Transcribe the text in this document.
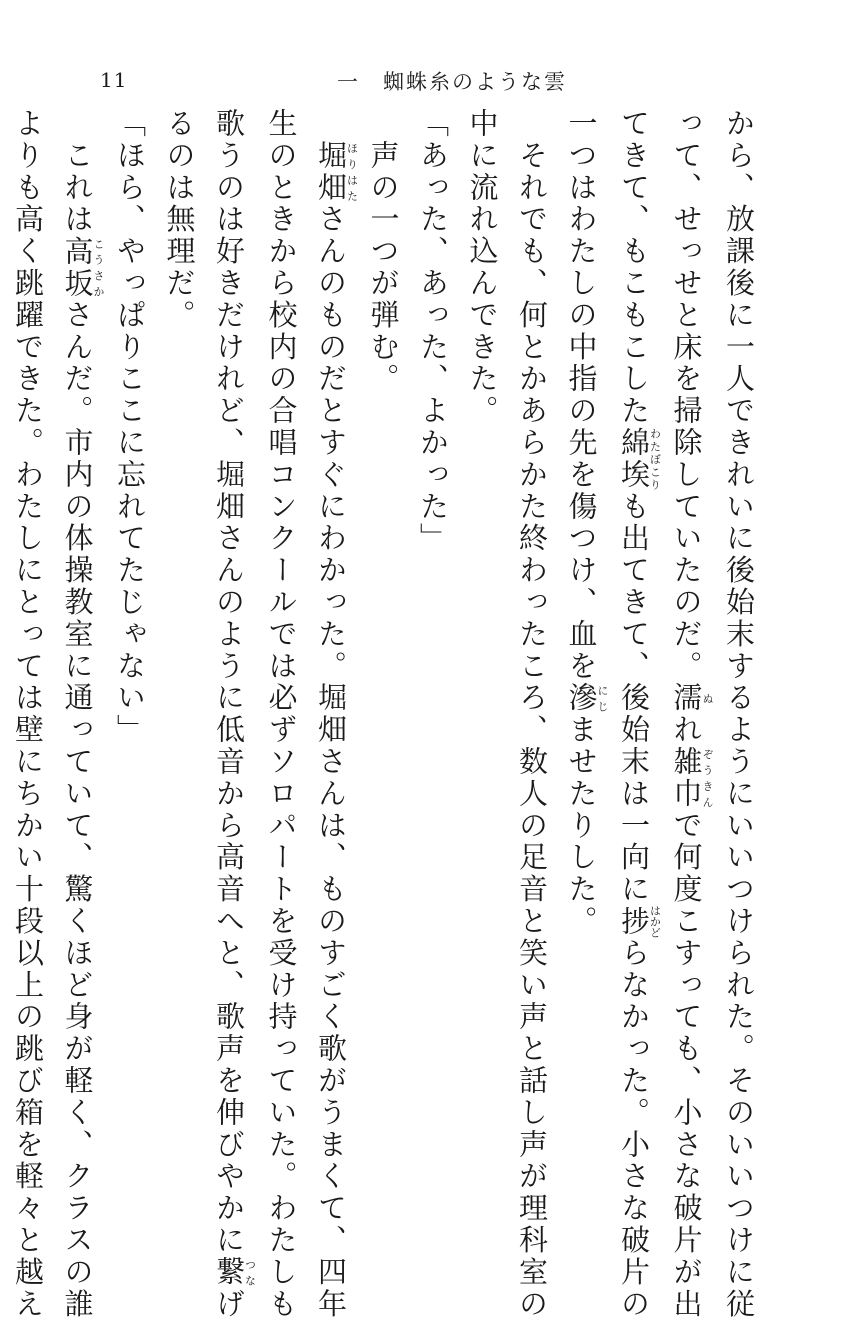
11	一　蜘蛛糸のような雲
から、放課後に一人できれいに後始末するようにいいつけられた。そのいいつけに従
って、せっせと床を掃除していたのだ。濡ぬれ雑巾ぞうきんで何度こすっても、小さな破片が出
てきて、もこもこした綿埃わたぼこりも出てきて、後始末は一向に捗はかどらなかった。小さな破片の
一つはわたしの中指の先を傷つけ、血を滲にじませたりした。
　それでも、何とかあらかた終わったころ、数人の足音と笑い声と話し声が理科室の
中に流れ込んできた。
「あった、あった、よかった」
　声の一つが弾む。
　堀畑ほりはたさんのものだとすぐにわかった。堀畑さんは、ものすごく歌がうまくて、四年
生のときから校内の合唱コンクールでは必ずソロパートを受け持っていた。わたしも
歌うのは好きだけれど、堀畑さんのように低音から高音へと、歌声を伸びやかに繋つなげ
るのは無理だ。
「ほら、やっぱりここに忘れてたじゃない」
　これは高坂こうさかさんだ。市内の体操教室に通っていて、驚くほど身が軽く、クラスの誰
よりも高く跳躍できた。わたしにとっては壁にちかい十段以上の跳び箱を軽々と越え
